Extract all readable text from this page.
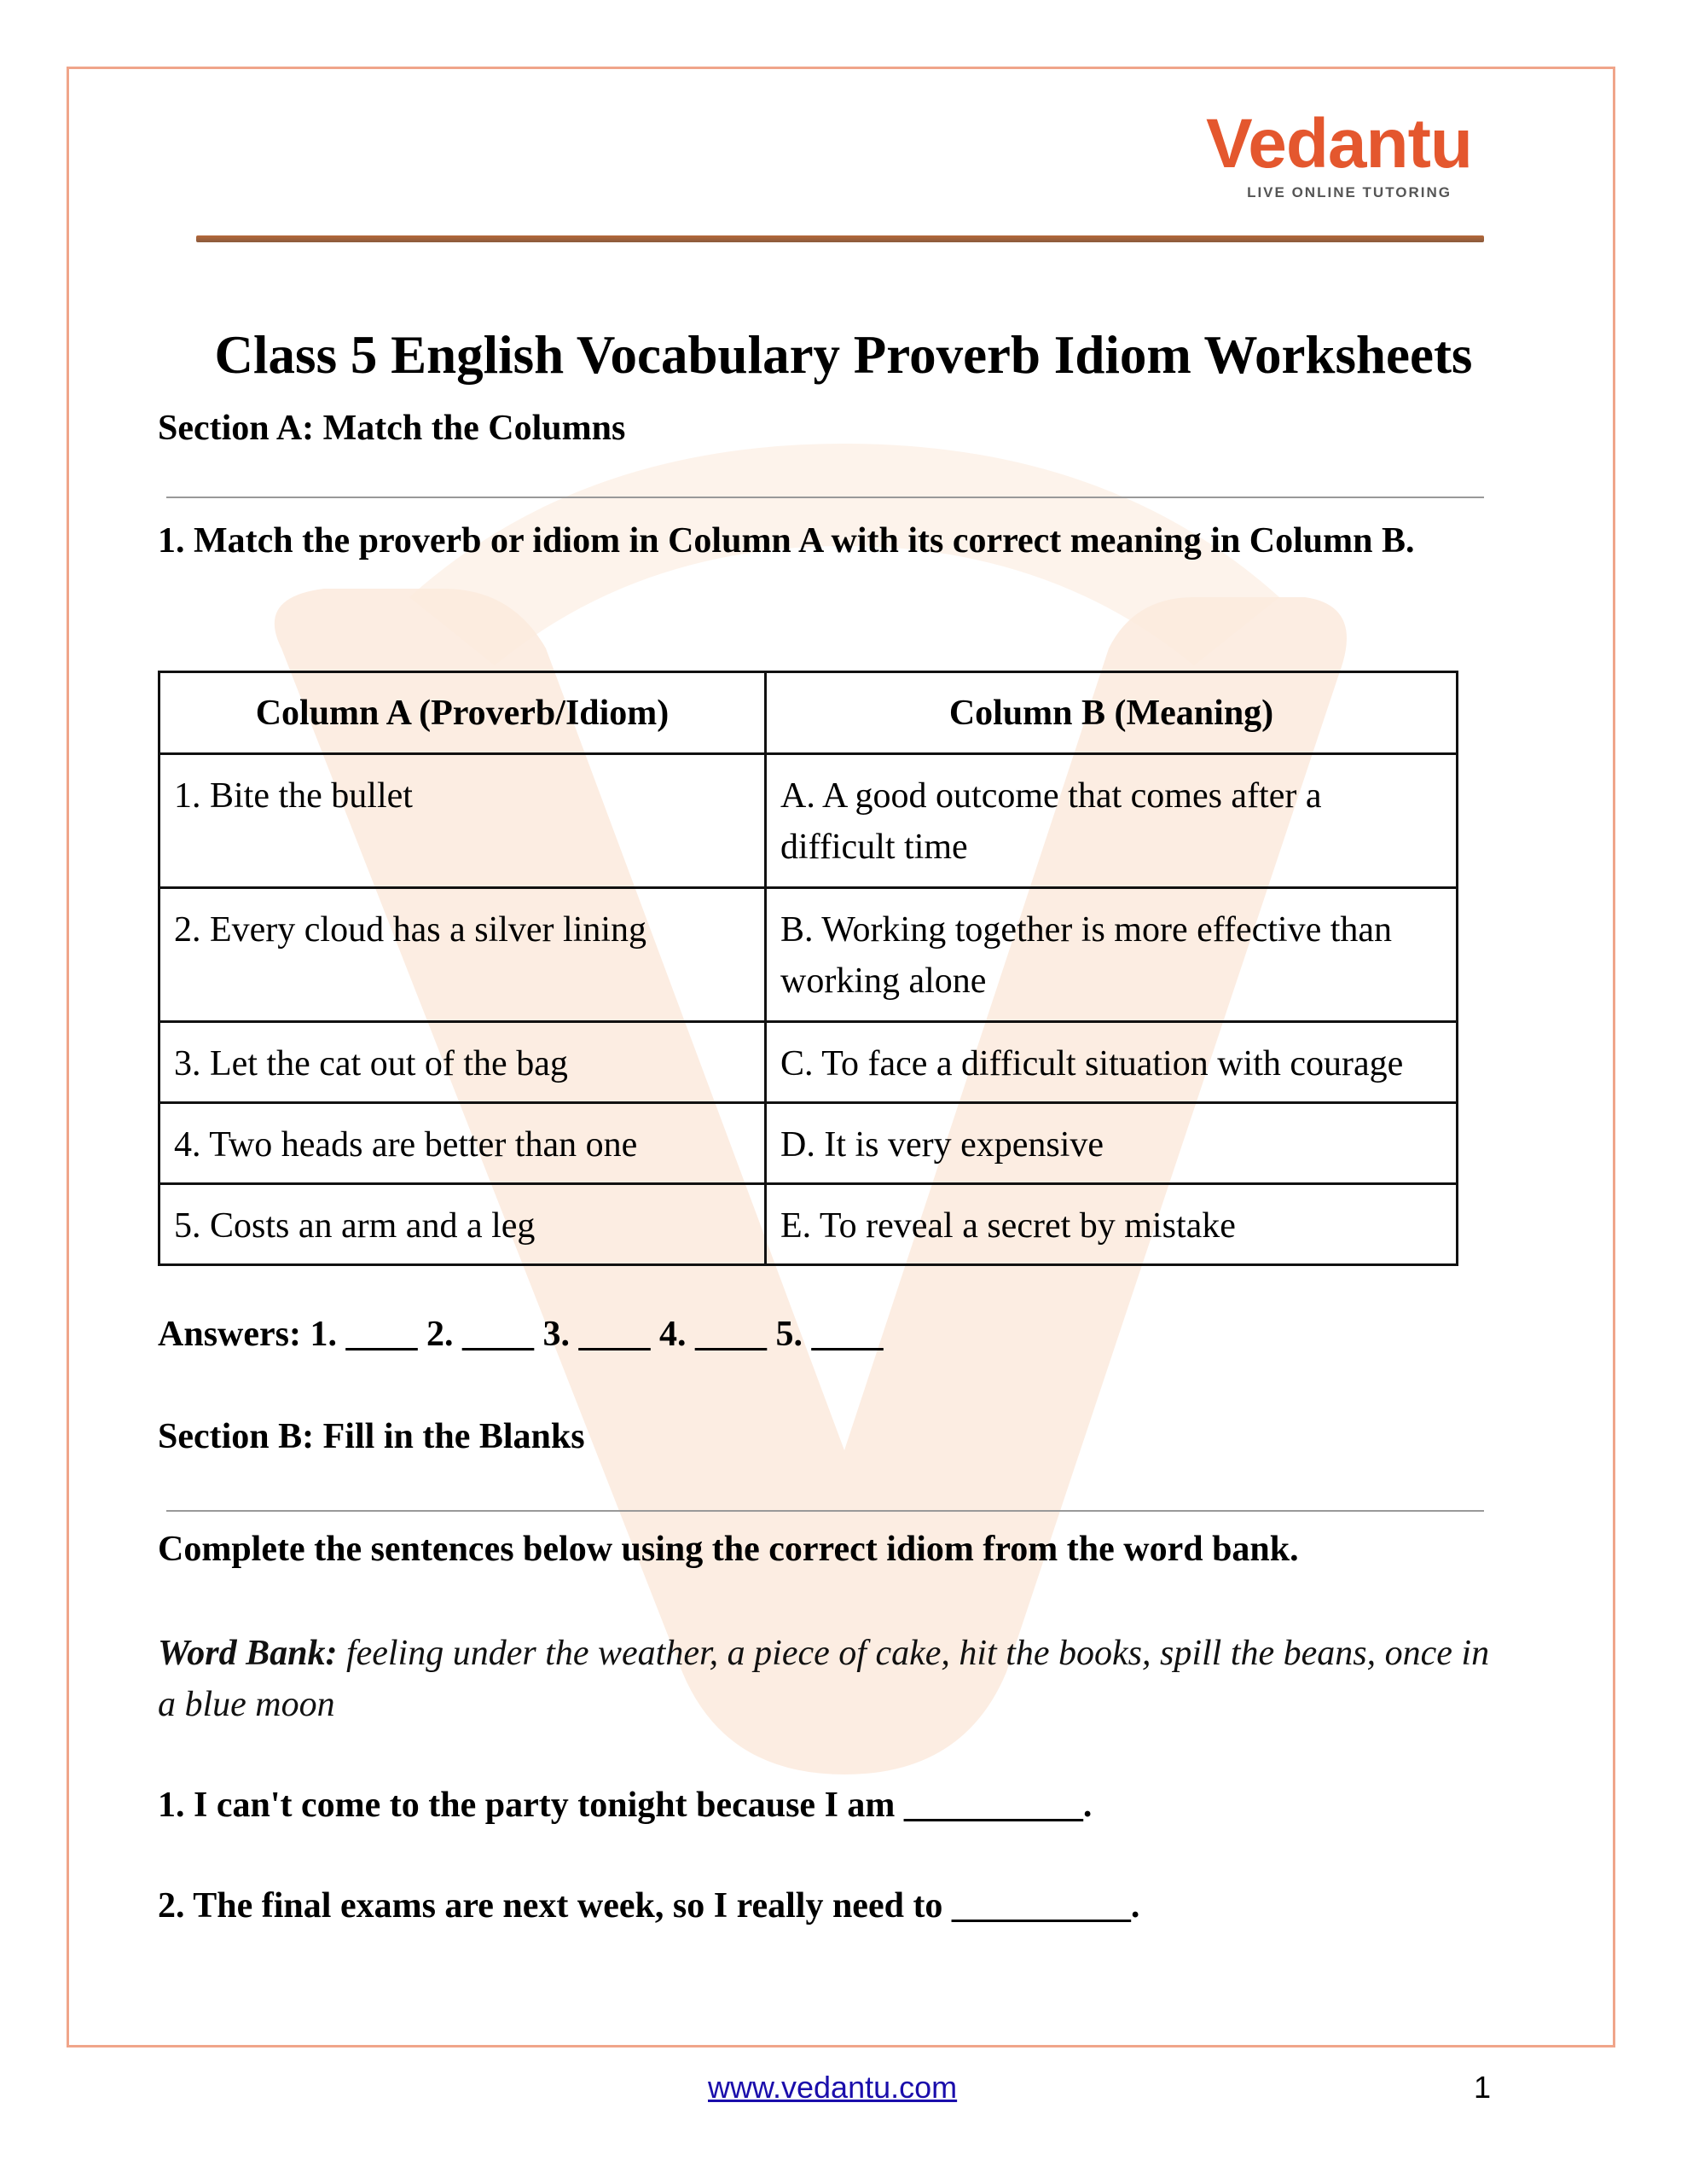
Vedantu
LIVE ONLINE TUTORING
Class 5 English Vocabulary Proverb Idiom Worksheets
Section A: Match the Columns
1. Match the proverb or idiom in Column A with its correct meaning in Column B.
Column A (Proverb/Idiom)	Column B (Meaning)
1. Bite the bullet	A. A good outcome that comes after a difficult time
2. Every cloud has a silver lining	B. Working together is more effective than working alone
3. Let the cat out of the bag	C. To face a difficult situation with courage
4. Two heads are better than one	D. It is very expensive
5. Costs an arm and a leg	E. To reveal a secret by mistake
Answers: 1. ____ 2. ____ 3. ____ 4. ____ 5. ____
Section B: Fill in the Blanks
Complete the sentences below using the correct idiom from the word bank.
Word Bank: feeling under the weather, a piece of cake, hit the books, spill the beans, once in a blue moon
1. I can't come to the party tonight because I am __________.
2. The final exams are next week, so I really need to __________.
www.vedantu.com	1
